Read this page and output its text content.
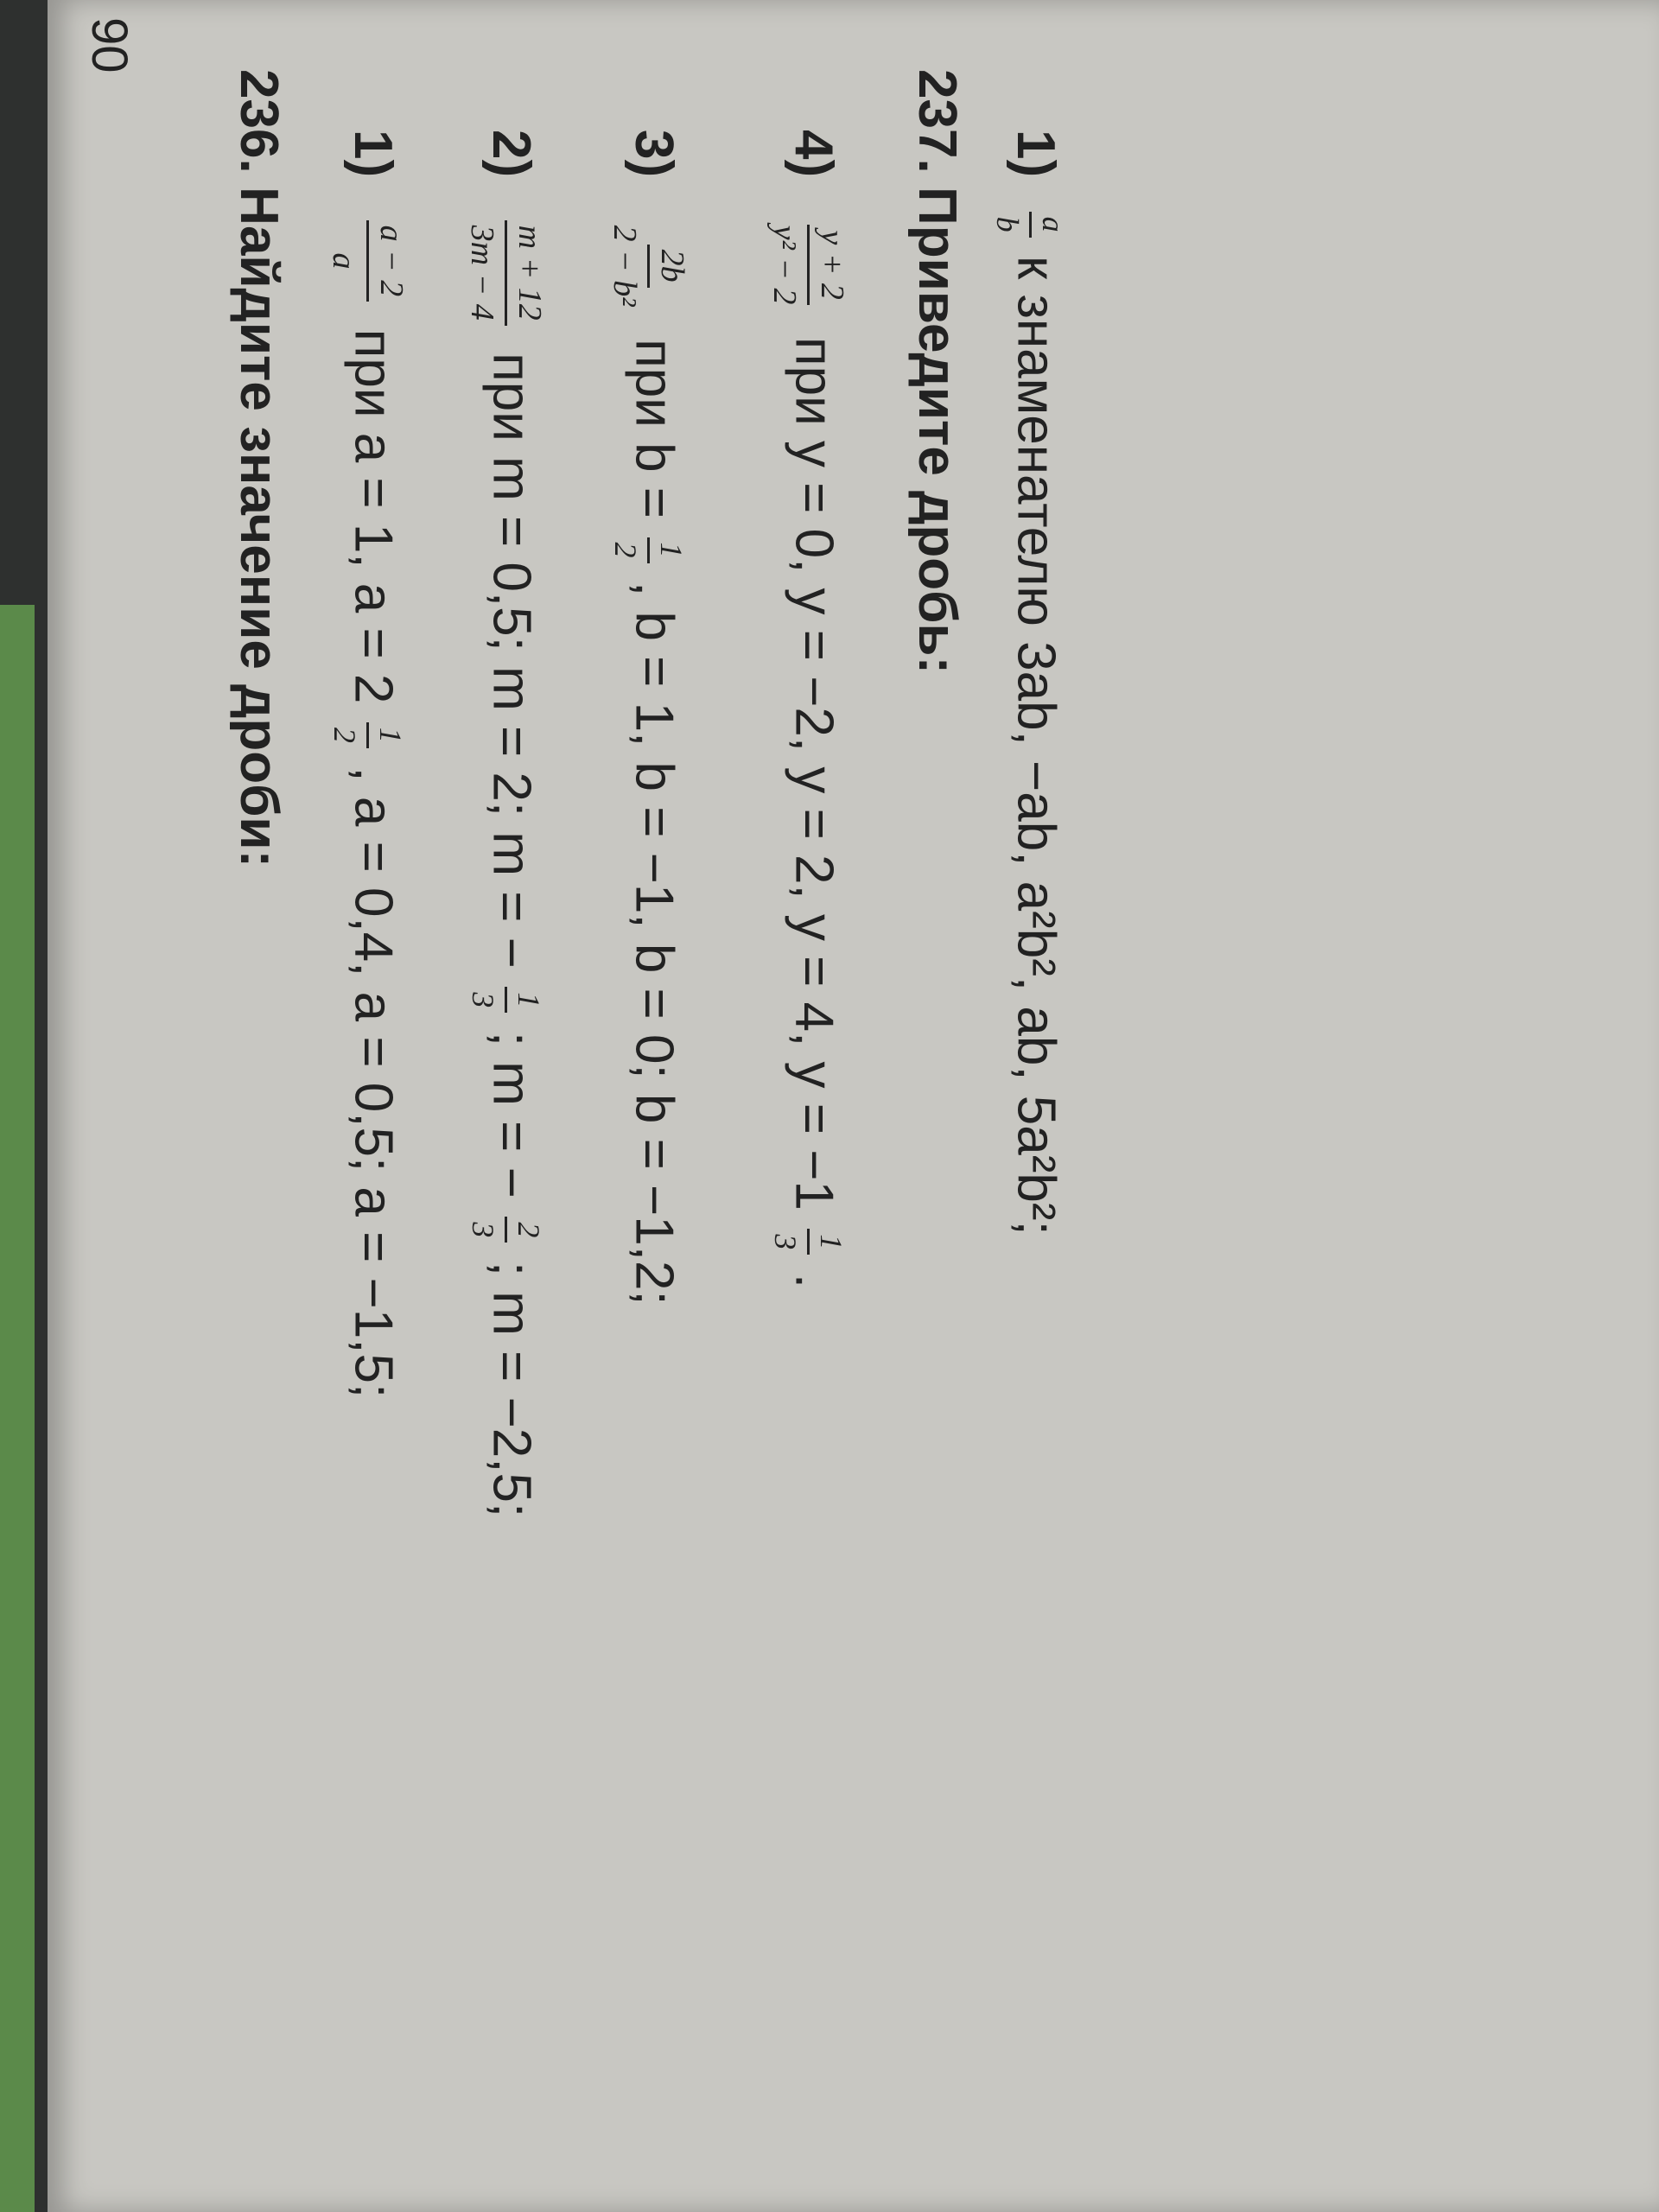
90
236. Найдите значение дроби:
1)
a − 2
a
при a = 1, a = 2
1
2
, a = 0,4, a = 0,5; a = −1,5;
2)
m + 12
3m − 4
при m = 0,5; m = 2; m = −
1
3
; m = −
2
3
; m = −2,5;
3)
2b
2 − b²
при b =
1
2
, b = 1, b = −1, b = 0; b = −1,2;
4)
y + 2
y² − 2
при y = 0, y = −2, y = 2, y = 4, y = −1
1
3
.
237. Приведите дробь:
1)
a
b
к знаменателю 3ab, −ab, a²b², ab, 5a²b²;
